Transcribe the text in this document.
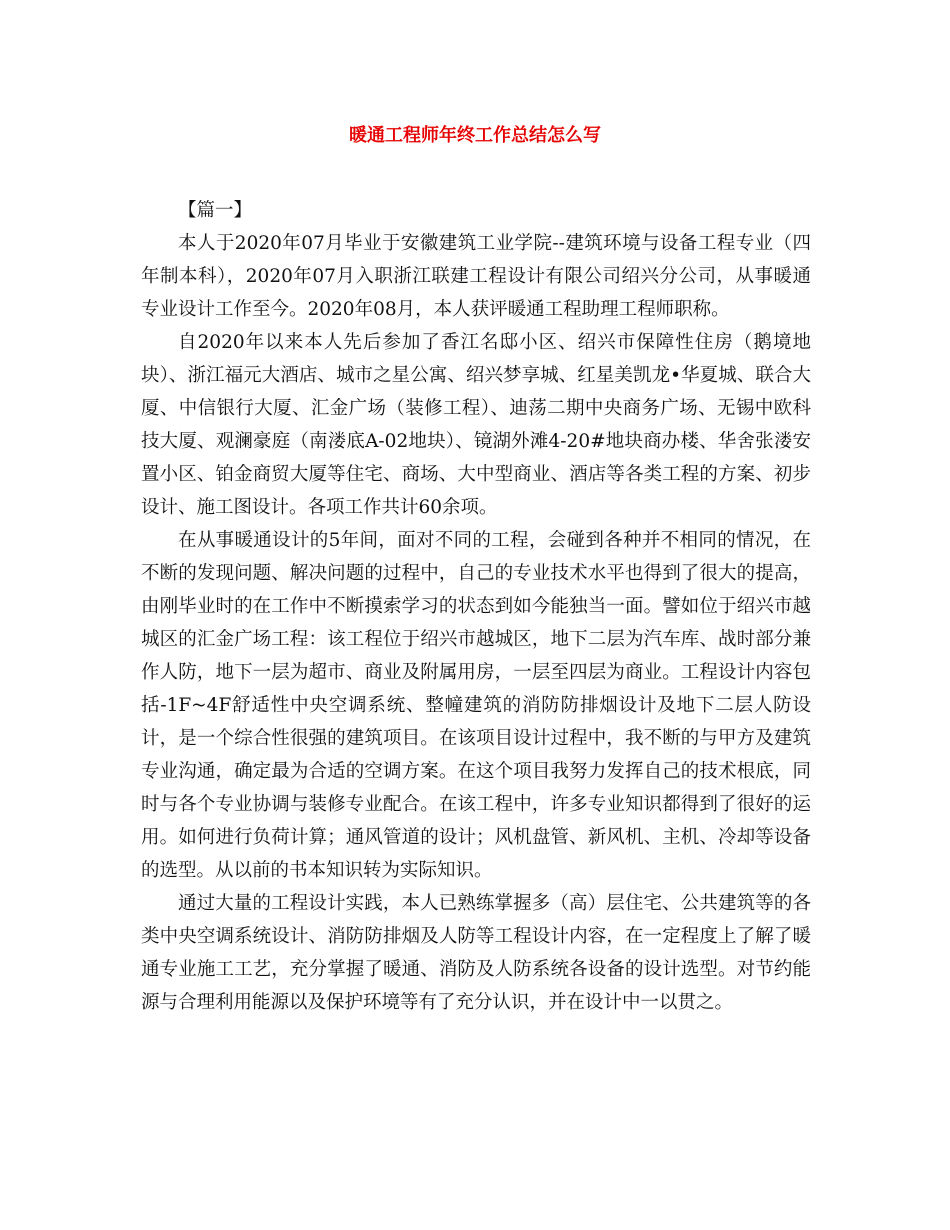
暖通工程师年终工作总结怎么写

【篇一】

本人于2020年07月毕业于安徽建筑工业学院--建筑环境与设备工程专业（四年制本科），2020年07月入职浙江联建工程设计有限公司绍兴分公司，从事暖通专业设计工作至今。2020年08月，本人获评暖通工程助理工程师职称。

自2020年以来本人先后参加了香江名邸小区、绍兴市保障性住房（鹅境地块）、浙江福元大酒店、城市之星公寓、绍兴梦享城、红星美凯龙•华夏城、联合大厦、中信银行大厦、汇金广场（装修工程）、迪荡二期中央商务广场、无锡中欧科技大厦、观澜豪庭（南溇底A-02地块）、镜湖外滩4-20#地块商办楼、华舍张溇安置小区、铂金商贸大厦等住宅、商场、大中型商业、酒店等各类工程的方案、初步设计、施工图设计。各项工作共计60余项。

在从事暖通设计的5年间，面对不同的工程，会碰到各种并不相同的情况，在不断的发现问题、解决问题的过程中，自己的专业技术水平也得到了很大的提高，由刚毕业时的在工作中不断摸索学习的状态到如今能独当一面。譬如位于绍兴市越城区的汇金广场工程：该工程位于绍兴市越城区，地下二层为汽车库、战时部分兼作人防，地下一层为超市、商业及附属用房，一层至四层为商业。工程设计内容包括-1F~4F舒适性中央空调系统、整幢建筑的消防防排烟设计及地下二层人防设计，是一个综合性很强的建筑项目。在该项目设计过程中，我不断的与甲方及建筑专业沟通，确定最为合适的空调方案。在这个项目我努力发挥自己的技术根底，同时与各个专业协调与装修专业配合。在该工程中，许多专业知识都得到了很好的运用。如何进行负荷计算；通风管道的设计；风机盘管、新风机、主机、冷却等设备的选型。从以前的书本知识转为实际知识。

通过大量的工程设计实践，本人已熟练掌握多（高）层住宅、公共建筑等的各类中央空调系统设计、消防防排烟及人防等工程设计内容，在一定程度上了解了暖通专业施工工艺，充分掌握了暖通、消防及人防系统各设备的设计选型。对节约能源与合理利用能源以及保护环境等有了充分认识，并在设计中一以贯之。
